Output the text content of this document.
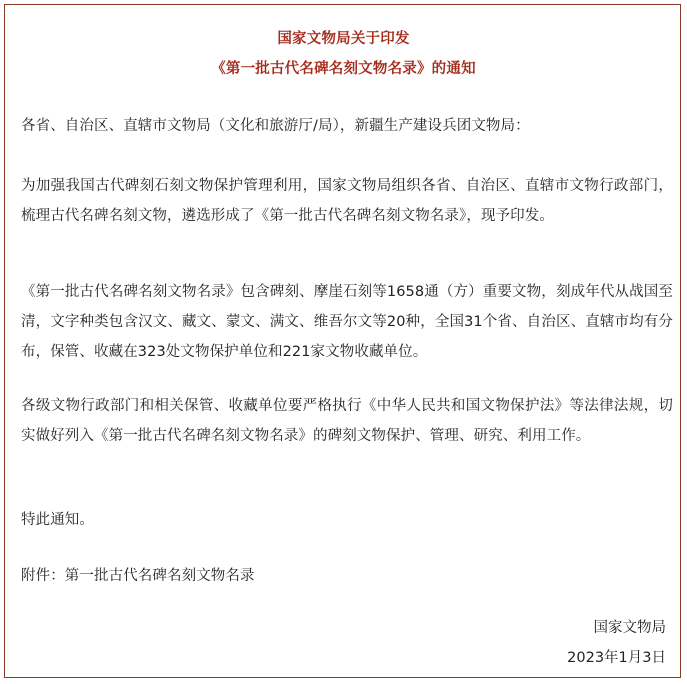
国家文物局关于印发
《第一批古代名碑名刻文物名录》的通知
各省、自治区、直辖市文物局（文化和旅游厅/局），新疆生产建设兵团文物局：
为加强我国古代碑刻石刻文物保护管理利用，国家文物局组织各省、自治区、直辖市文物行政部门，梳理古代名碑名刻文物，遴选形成了《第一批古代名碑名刻文物名录》，现予印发。
《第一批古代名碑名刻文物名录》包含碑刻、摩崖石刻等1658通（方）重要文物，刻成年代从战国至清，文字种类包含汉文、藏文、蒙文、满文、维吾尔文等20种，全国31个省、自治区、直辖市均有分布，保管、收藏在323处文物保护单位和221家文物收藏单位。
各级文物行政部门和相关保管、收藏单位要严格执行《中华人民共和国文物保护法》等法律法规，切实做好列入《第一批古代名碑名刻文物名录》的碑刻文物保护、管理、研究、利用工作。
特此通知。
附件：第一批古代名碑名刻文物名录
国家文物局
2023年1月3日
